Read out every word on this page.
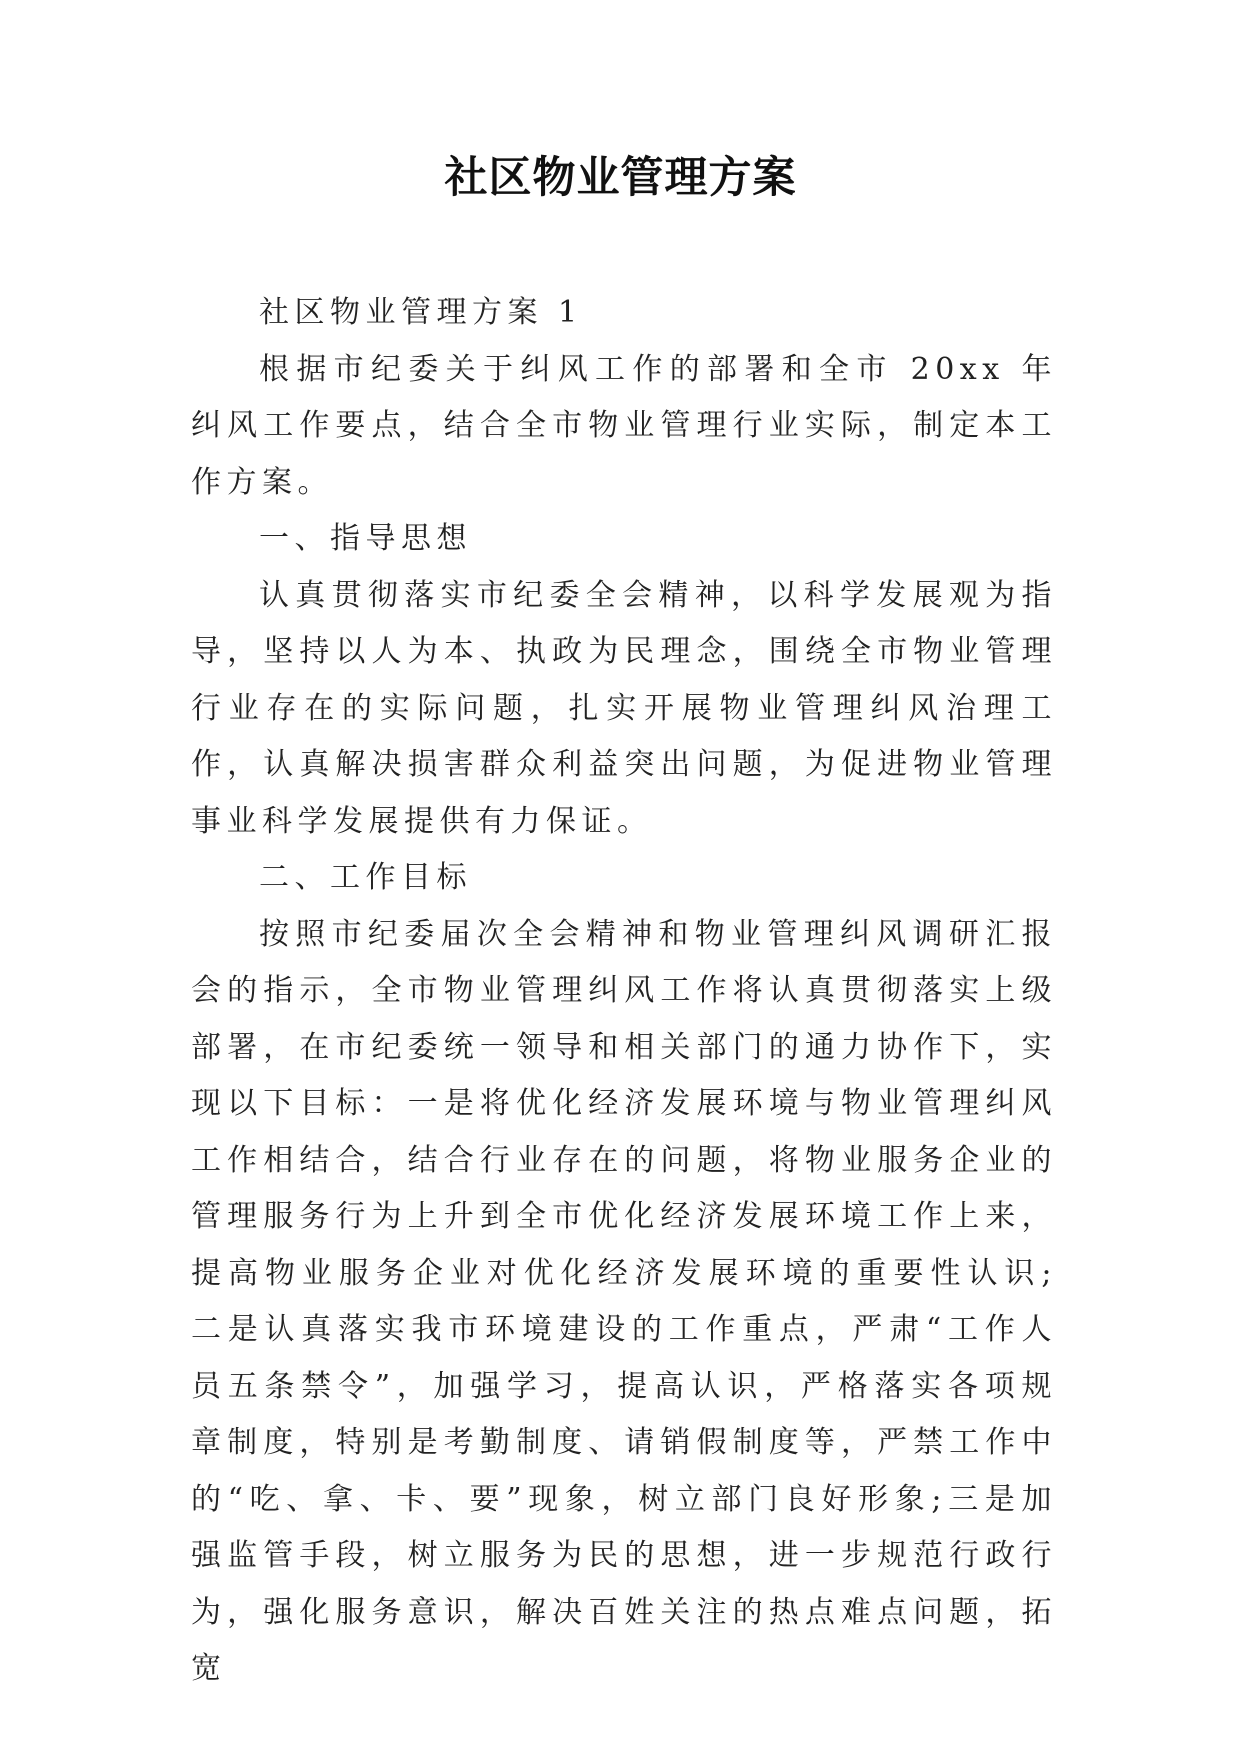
社区物业管理方案

社区物业管理方案 1

根据市纪委关于纠风工作的部署和全市 20xx 年纠风工作要点，结合全市物业管理行业实际，制定本工作方案。

一、指导思想

认真贯彻落实市纪委全会精神，以科学发展观为指导，坚持以人为本、执政为民理念，围绕全市物业管理行业存在的实际问题，扎实开展物业管理纠风治理工作，认真解决损害群众利益突出问题，为促进物业管理事业科学发展提供有力保证。

二、工作目标

按照市纪委届次全会精神和物业管理纠风调研汇报会的指示，全市物业管理纠风工作将认真贯彻落实上级部署，在市纪委统一领导和相关部门的通力协作下，实现以下目标：一是将优化经济发展环境与物业管理纠风工作相结合，结合行业存在的问题，将物业服务企业的管理服务行为上升到全市优化经济发展环境工作上来，提高物业服务企业对优化经济发展环境的重要性认识;二是认真落实我市环境建设的工作重点，严肃“工作人员五条禁令”，加强学习，提高认识，严格落实各项规章制度，特别是考勤制度、请销假制度等，严禁工作中的“吃、拿、卡、要”现象，树立部门良好形象;三是加强监管手段，树立服务为民的思想，进一步规范行政行为，强化服务意识，解决百姓关注的热点难点问题，拓宽
